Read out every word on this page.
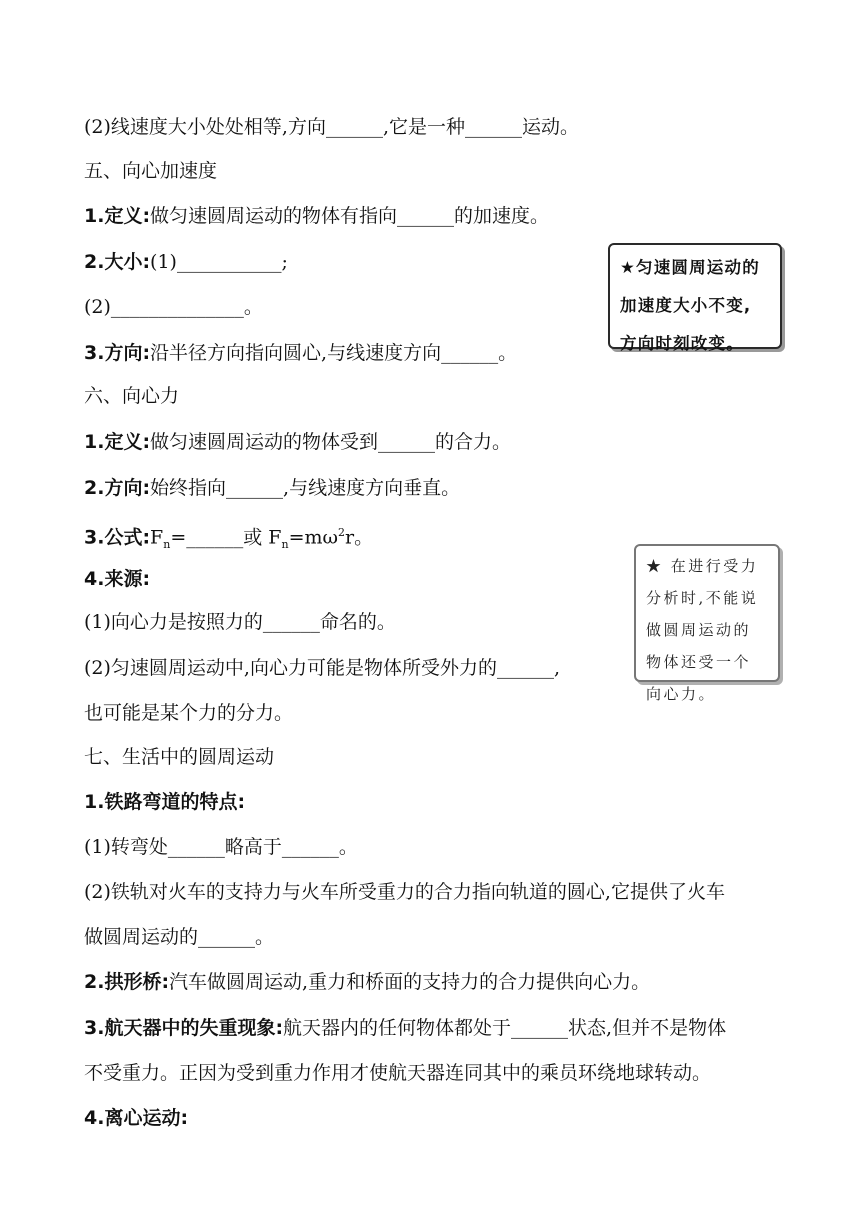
(2)线速度大小处处相等,方向______,它是一种______运动。

五、向心加速度

1.定义:做匀速圆周运动的物体有指向______的加速度。

2.大小:(1)___________;

(2)______________。

3.方向:沿半径方向指向圆心,与线速度方向______。

六、向心力

1.定义:做匀速圆周运动的物体受到______的合力。

2.方向:始终指向______,与线速度方向垂直。

3.公式$:F_n=\_\_\_\_\_\_$或 $F_n=m\omega^2r$。

4.来源:

(1)向心力是按照力的______命名的。

(2)匀速圆周运动中,向心力可能是物体所受外力的______,

也可能是某个力的分力。

七、生活中的圆周运动

1.铁路弯道的特点:

(1)转弯处______略高于______。

(2)铁轨对火车的支持力与火车所受重力的合力指向轨道的圆心,它提供了火车

做圆周运动的______。

2.拱形桥:汽车做圆周运动,重力和桥面的支持力的合力提供向心力。

3.航天器中的失重现象:航天器内的任何物体都处于______状态,但并不是物体

不受重力。正因为受到重力作用才使航天器连同其中的乘员环绕地球转动。

4.离心运动:

★匀速圆周运动的

加速度大小不变,

方向时刻改变。

★ 在进行受力

分析时,不能说

做圆周运动的

物体还受一个

向心力。
